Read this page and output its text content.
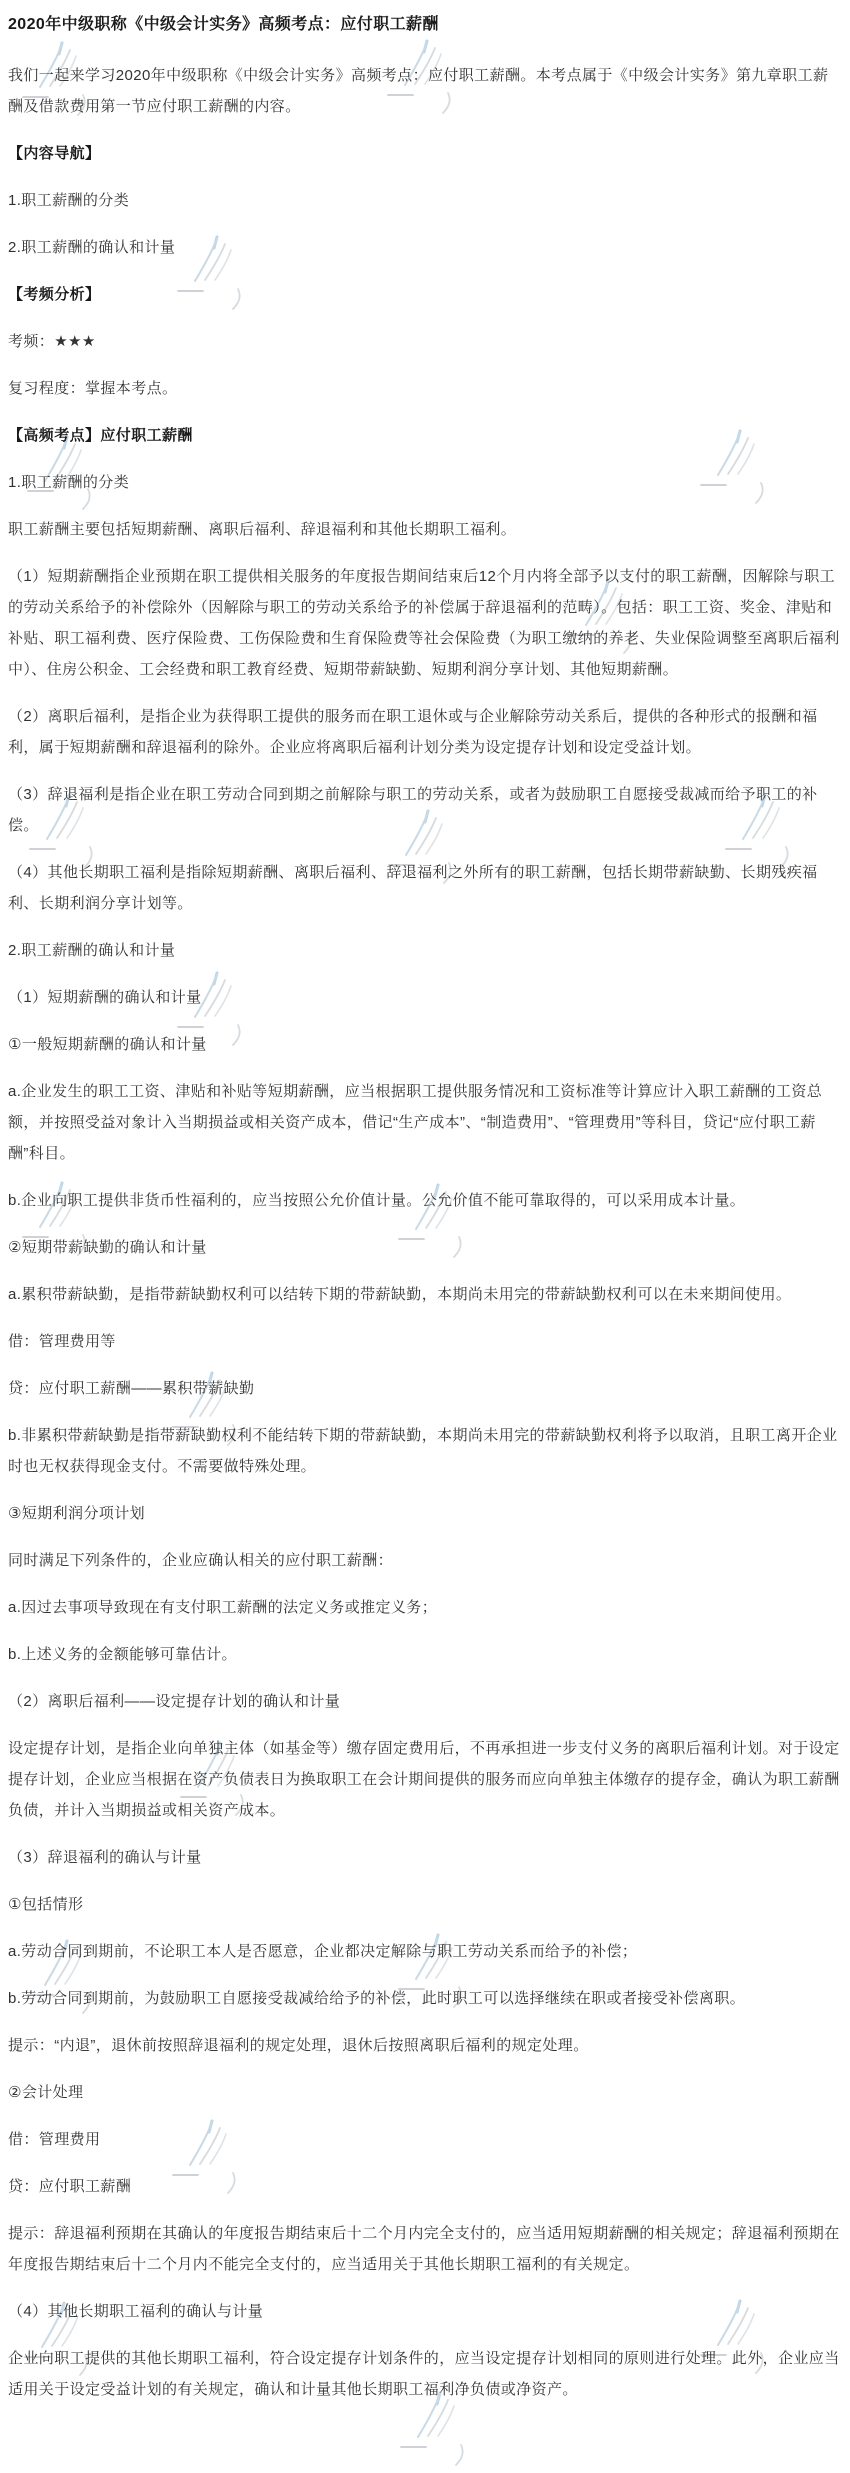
2020年中级职称《中级会计实务》高频考点：应付职工薪酬

我们一起来学习2020年中级职称《中级会计实务》高频考点：应付职工薪酬。本考点属于《中级会计实务》第九章职工薪酬及借款费用第一节应付职工薪酬的内容。

【内容导航】

1.职工薪酬的分类

2.职工薪酬的确认和计量

【考频分析】

考频：★★★

复习程度：掌握本考点。

【高频考点】应付职工薪酬

1.职工薪酬的分类

职工薪酬主要包括短期薪酬、离职后福利、辞退福利和其他长期职工福利。

（1）短期薪酬指企业预期在职工提供相关服务的年度报告期间结束后12个月内将全部予以支付的职工薪酬，因解除与职工的劳动关系给予的补偿除外（因解除与职工的劳动关系给予的补偿属于辞退福利的范畴）。包括：职工工资、奖金、津贴和补贴、职工福利费、医疗保险费、工伤保险费和生育保险费等社会保险费（为职工缴纳的养老、失业保险调整至离职后福利中）、住房公积金、工会经费和职工教育经费、短期带薪缺勤、短期利润分享计划、其他短期薪酬。

（2）离职后福利，是指企业为获得职工提供的服务而在职工退休或与企业解除劳动关系后，提供的各种形式的报酬和福利，属于短期薪酬和辞退福利的除外。企业应将离职后福利计划分类为设定提存计划和设定受益计划。

（3）辞退福利是指企业在职工劳动合同到期之前解除与职工的劳动关系，或者为鼓励职工自愿接受裁减而给予职工的补偿。

（4）其他长期职工福利是指除短期薪酬、离职后福利、辞退福利之外所有的职工薪酬，包括长期带薪缺勤、长期残疾福利、长期利润分享计划等。

2.职工薪酬的确认和计量

（1）短期薪酬的确认和计量

①一般短期薪酬的确认和计量

a.企业发生的职工工资、津贴和补贴等短期薪酬，应当根据职工提供服务情况和工资标准等计算应计入职工薪酬的工资总额，并按照受益对象计入当期损益或相关资产成本，借记“生产成本”、“制造费用”、“管理费用”等科目，贷记“应付职工薪酬”科目。

b.企业向职工提供非货币性福利的，应当按照公允价值计量。公允价值不能可靠取得的，可以采用成本计量。

②短期带薪缺勤的确认和计量

a.累积带薪缺勤，是指带薪缺勤权利可以结转下期的带薪缺勤，本期尚未用完的带薪缺勤权利可以在未来期间使用。

借：管理费用等

贷：应付职工薪酬——累积带薪缺勤

b.非累积带薪缺勤是指带薪缺勤权利不能结转下期的带薪缺勤，本期尚未用完的带薪缺勤权利将予以取消，且职工离开企业时也无权获得现金支付。不需要做特殊处理。

③短期利润分项计划

同时满足下列条件的，企业应确认相关的应付职工薪酬：

a.因过去事项导致现在有支付职工薪酬的法定义务或推定义务；

b.上述义务的金额能够可靠估计。

（2）离职后福利——设定提存计划的确认和计量

设定提存计划，是指企业向单独主体（如基金等）缴存固定费用后，不再承担进一步支付义务的离职后福利计划。对于设定提存计划，企业应当根据在资产负债表日为换取职工在会计期间提供的服务而应向单独主体缴存的提存金，确认为职工薪酬负债，并计入当期损益或相关资产成本。

（3）辞退福利的确认与计量

①包括情形

a.劳动合同到期前，不论职工本人是否愿意，企业都决定解除与职工劳动关系而给予的补偿；

b.劳动合同到期前，为鼓励职工自愿接受裁减给给予的补偿，此时职工可以选择继续在职或者接受补偿离职。

提示：“内退”，退休前按照辞退福利的规定处理，退休后按照离职后福利的规定处理。

②会计处理

借：管理费用

贷：应付职工薪酬

提示：辞退福利预期在其确认的年度报告期结束后十二个月内完全支付的，应当适用短期薪酬的相关规定；辞退福利预期在年度报告期结束后十二个月内不能完全支付的，应当适用关于其他长期职工福利的有关规定。

（4）其他长期职工福利的确认与计量

企业向职工提供的其他长期职工福利，符合设定提存计划条件的，应当设定提存计划相同的原则进行处理。此外，企业应当适用关于设定受益计划的有关规定，确认和计量其他长期职工福利净负债或净资产。
